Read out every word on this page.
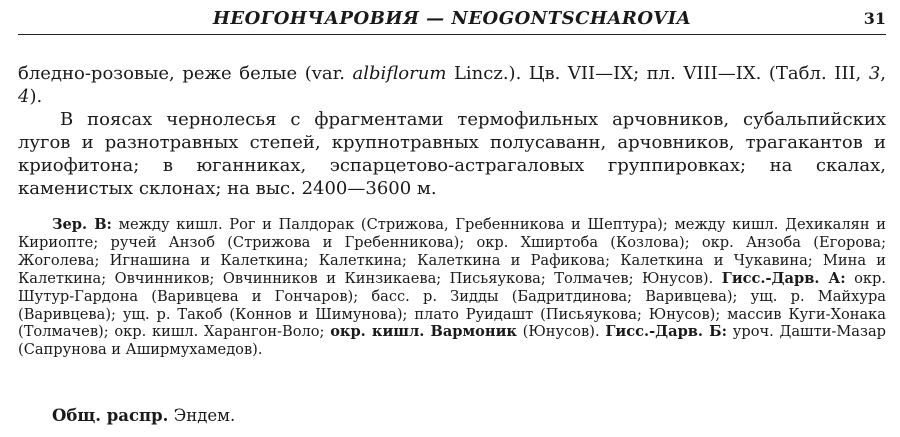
НЕОГОНЧАРОВИЯ — NEOGONTSCHAROVIA	31

бледно-розовые, реже белые (var. albiflorum Lincz.). Цв. VII—IX; пл. VIII—IX. (Табл. III, 3, 4).

В поясах чернолесья с фрагментами термофильных арчовников, субальпийских лугов и разнотравных степей, крупнотравных полусаванн, арчовников, трагакантов и криофитона; в юганниках, эспарцетово-астрагаловых группировках; на скалах, каменистых склонах; на выс. 2400—3600 м.

Зер. В: между кишл. Рог и Палдорак (Стрижова, Гребенникова и Шептура); между кишл. Дехикалян и Кириопте; ручей Анзоб (Стрижова и Гребенникова); окр. Хширтоба (Козлова); окр. Анзоба (Егорова; Жоголева; Игнашина и Калеткина; Калеткина; Калеткина и Рафикова; Калеткина и Чукавина; Мина и Калеткина; Овчинников; Овчинников и Кинзикаева; Письяукова; Толмачев; Юнусов). Гисс.-Дарв. А: окр. Шутур-Гардона (Варивцева и Гончаров); басс. р. Зидды (Бадритдинова; Варивцева); ущ. р. Майхура (Варивцева); ущ. р. Такоб (Коннов и Шимунова); плато Руидашт (Письяукова; Юнусов); массив Куги-Хонака (Толмачев); окр. кишл. Харангон-Воло; окр. кишл. Вармоник (Юнусов). Гисс.-Дарв. Б: уроч. Дашти-Мазар (Сапрунова и Аширмухамедов).
Общ. распр. Эндем.
